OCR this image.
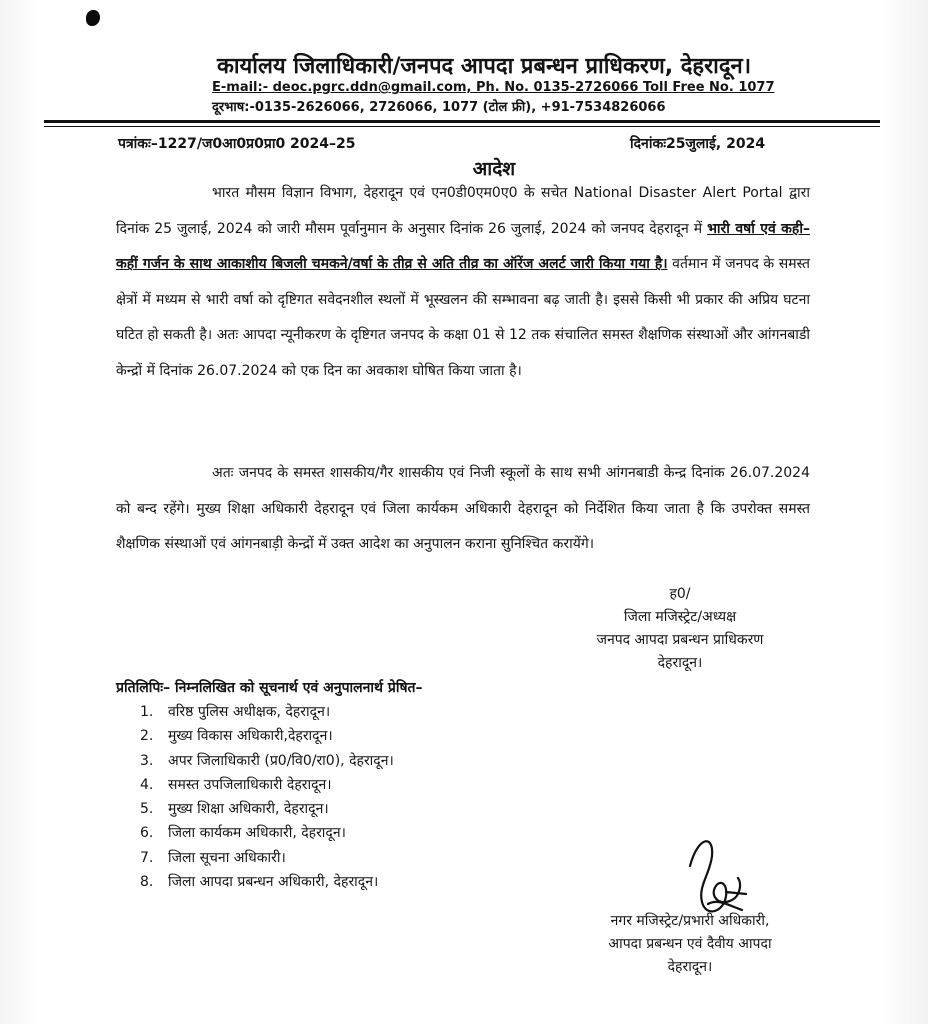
कार्यालय जिलाधिकारी/जनपद आपदा प्रबन्धन प्राधिकरण, देहरादून।
E-mail:- deoc.pgrc.ddn@gmail.com, Ph. No. 0135-2726066 Toll Free No. 1077
दूरभाष:-0135-2626066, 2726066, 1077 (टोल फ्री), +91-7534826066
पत्रांकः–1227/ज0आ0प्र0प्रा0 2024–25	दिनांकः25जुलाई, 2024
आदेश

भारत मौसम विज्ञान विभाग, देहरादून एवं एन0डी0एम0ए0 के सचेत National Disaster Alert Portal द्वारा दिनांक 25 जुलाई, 2024 को जारी मौसम पूर्वानुमान के अनुसार दिनांक 26 जुलाई, 2024 को जनपद देहरादून में भारी वर्षा एवं कही–कहीं गर्जन के साथ आकाशीय बिजली चमकने/वर्षा के तीव्र से अति तीव्र का ऑरेंज अलर्ट जारी किया गया है। वर्तमान में जनपद के समस्त क्षेत्रों में मध्यम से भारी वर्षा को दृष्टिगत सवेदनशील स्थलों में भूस्खलन की सम्भावना बढ़ जाती है। इससे किसी भी प्रकार की अप्रिय घटना घटित हो सकती है। अतः आपदा न्यूनीकरण के दृष्टिगत जनपद के कक्षा 01 से 12 तक संचालित समस्त शैक्षणिक संस्थाओं और आंगनबाडी केन्द्रों में दिनांक 26.07.2024 को एक दिन का अवकाश घोषित किया जाता है।

अतः जनपद के समस्त शासकीय/गैर शासकीय एवं निजी स्कूलों के साथ सभी आंगनबाडी केन्द्र दिनांक 26.07.2024 को बन्द रहेंगे। मुख्य शिक्षा अधिकारी देहरादून एवं जिला कार्यकम अधिकारी देहरादून को निर्देशित किया जाता है कि उपरोक्त समस्त शैक्षणिक संस्थाओं एवं आंगनबाड़ी केन्द्रों में उक्त आदेश का अनुपालन कराना सुनिश्चित करायेंगे।

ह0/
जिला मजिस्ट्रेट/अध्यक्ष
जनपद आपदा प्रबन्धन प्राधिकरण
देहरादून।
प्रतिलिपिः– निम्नलिखित को सूचनार्थ एवं अनुपालनार्थ प्रेषित–
1. वरिष्ठ पुलिस अधीक्षक, देहरादून।
2. मुख्य विकास अधिकारी,देहरादून।
3. अपर जिलाधिकारी (प्र0/वि0/रा0), देहरादून।
4. समस्त उपजिलाधिकारी देहरादून।
5. मुख्य शिक्षा अधिकारी, देहरादून।
6. जिला कार्यकम अधिकारी, देहरादून।
7. जिला सूचना अधिकारी।
8. जिला आपदा प्रबन्धन अधिकारी, देहरादून।
नगर मजिस्ट्रेट/प्रभारी अधिकारी,
आपदा प्रबन्धन एवं दैवीय आपदा
देहरादून।
